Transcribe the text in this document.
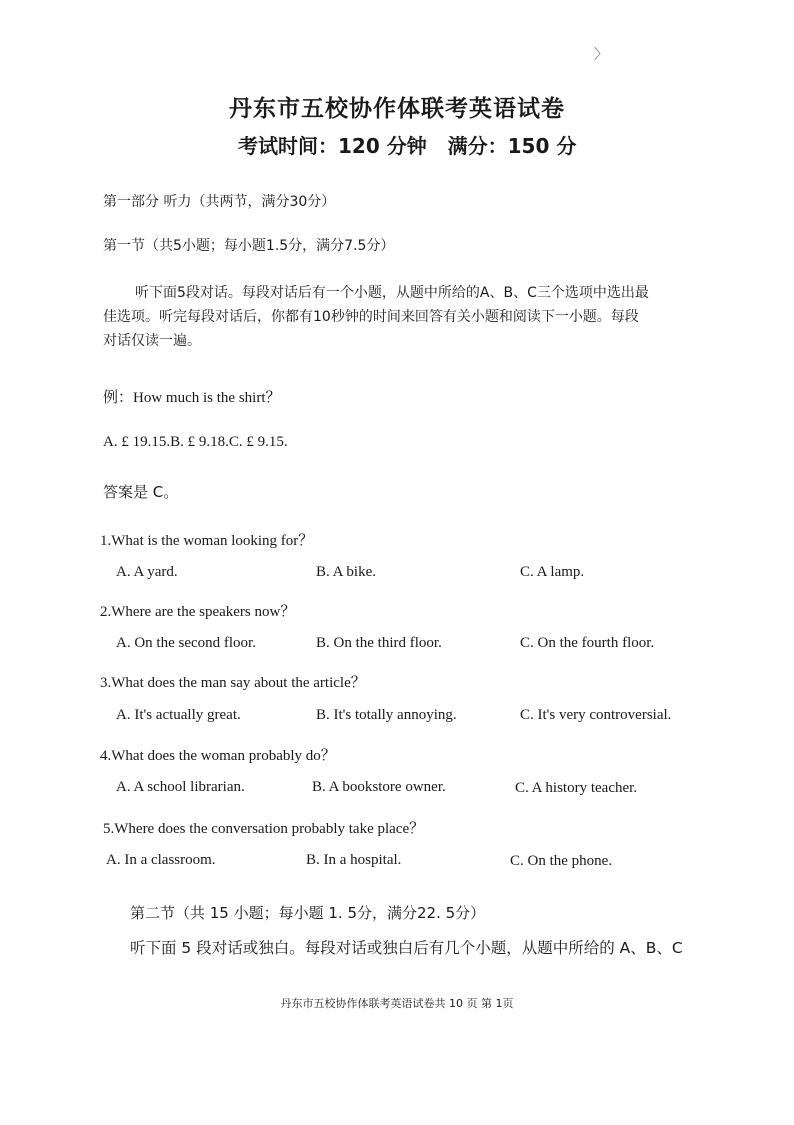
〉
丹东市五校协作体联考英语试卷
考试时间：120 分钟 满分：150 分
第一部分 听力（共两节，满分30分）
第一节（共5小题；每小题1.5分，满分7.5分）
听下面5段对话。每段对话后有一个小题，从题中所给的A、B、C三个选项中选出最
佳选项。听完每段对话后，你都有10秒钟的时间来回答有关小题和阅读下一小题。每段
对话仅读一遍。
例：How much is the shirt？
A. £ 19.15.B. £ 9.18.C. £ 9.15.
答案是 C。
1.What is the woman looking for？
A. A yard.	B. A bike.	C. A lamp.
2.Where are the speakers now？
A. On the second floor.	B. On the third floor.	C. On the fourth floor.
3.What does the man say about the article？
A. It's actually great.	B. It's totally annoying.	C. It's very controversial.
4.What does the woman probably do？
A. A school librarian.	B. A bookstore owner.	C. A history teacher.
5.Where does the conversation probably take place？
A. In a classroom.	B. In a hospital.	C. On the phone.
第二节（共 15 小题；每小题 1. 5分，满分22. 5分）
听下面 5 段对话或独白。每段对话或独白后有几个小题，从题中所给的 A、B、C
丹东市五校协作体联考英语试卷共 10 页 第 1页
